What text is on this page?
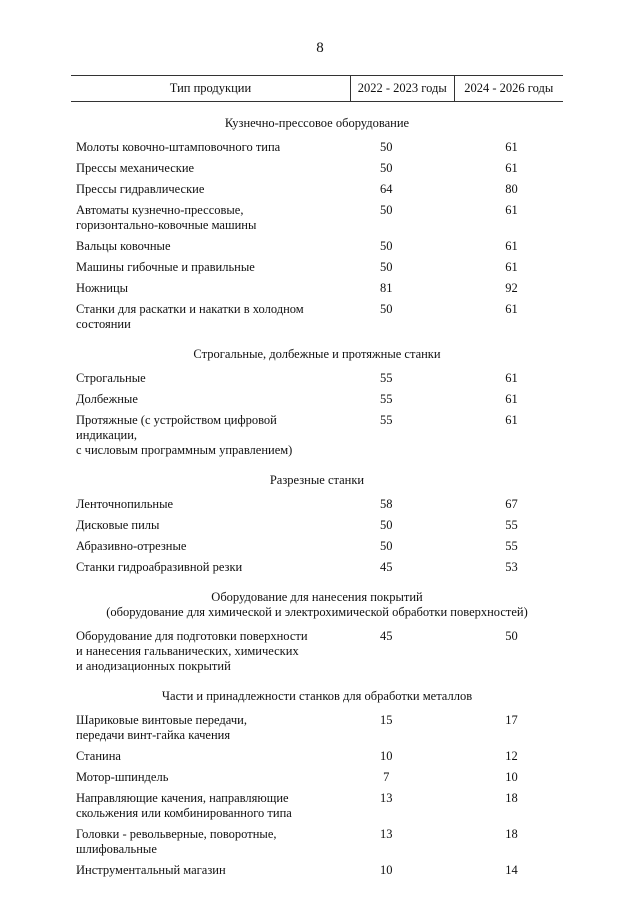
8
Тип продукции	2022 - 2023 годы	2024 - 2026 годы

Кузнечно-прессовое оборудование		

Молоты ковочно-штамповочного типа	50	61

Прессы механические	50	61

Прессы гидравлические	64	80

Автоматы кузнечно-прессовые,
горизонтально-ковочные машины	50	61

Вальцы ковочные	50	61

Машины гибочные и правильные	50	61

Ножницы	81	92

Станки для раскатки и накатки в холодном
состоянии	50	61

Строгальные, долбежные и протяжные станки		

Строгальные	55	61

Долбежные	55	61

Протяжные (с устройством цифровой индикации,
с числовым программным управлением)	55	61

Разрезные станки		

Ленточнопильные	58	67

Дисковые пилы	50	55

Абразивно-отрезные	50	55

Станки гидроабразивной резки	45	53

Оборудование для нанесения покрытий
(оборудование для химической и электрохимической обработки поверхностей)		

Оборудование для подготовки поверхности
и нанесения гальванических, химических
и анодизационных покрытий	45	50

Части и принадлежности станков для обработки металлов		

Шариковые винтовые передачи,
передачи винт-гайка качения	15	17

Станина	10	12

Мотор-шпиндель	7	10

Направляющие качения, направляющие
скольжения или комбинированного типа	13	18

Головки - револьверные, поворотные,
шлифовальные	13	18

Инструментальный магазин	10	14
